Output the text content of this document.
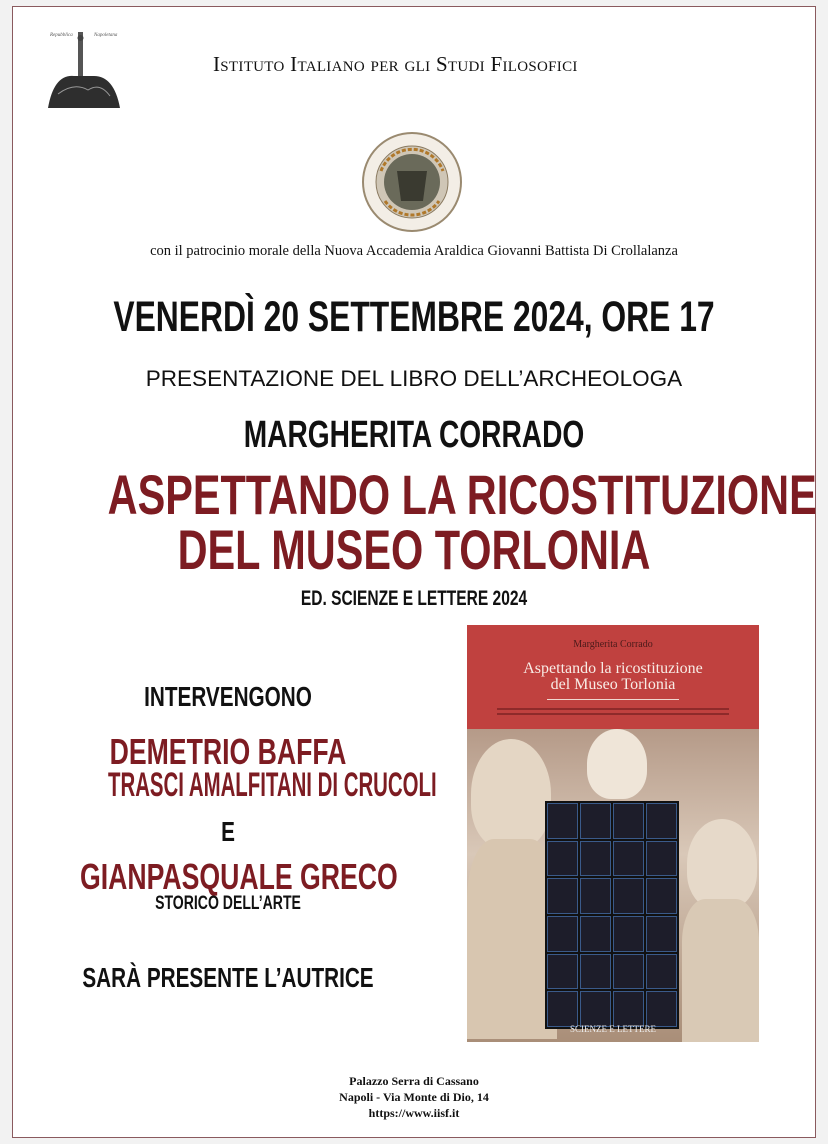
Repubblica	Napoletana
Istituto Italiano per gli Studi Filosofici
con il patrocinio morale della Nuova Accademia Araldica Giovanni Battista Di Crollalanza
VENERDÌ 20 SETTEMBRE 2024, ORE 17
PRESENTAZIONE DEL LIBRO DELL’ARCHEOLOGA
MARGHERITA CORRADO
ASPETTANDO LA RICOSTITUZIONE
DEL MUSEO TORLONIA
ED. SCIENZE E LETTERE 2024
INTERVENGONO
DEMETRIO BAFFA
TRASCI AMALFITANI DI CRUCOLI
E
GIANPASQUALE GRECO
STORICO DELL’ARTE
SARÀ PRESENTE L’AUTRICE
Margherita Corrado
Aspettando la ricostituzione
del Museo Torlonia
SCIENZE E LETTERE
Palazzo Serra di Cassano
Napoli - Via Monte di Dio, 14
https://www.iisf.it
